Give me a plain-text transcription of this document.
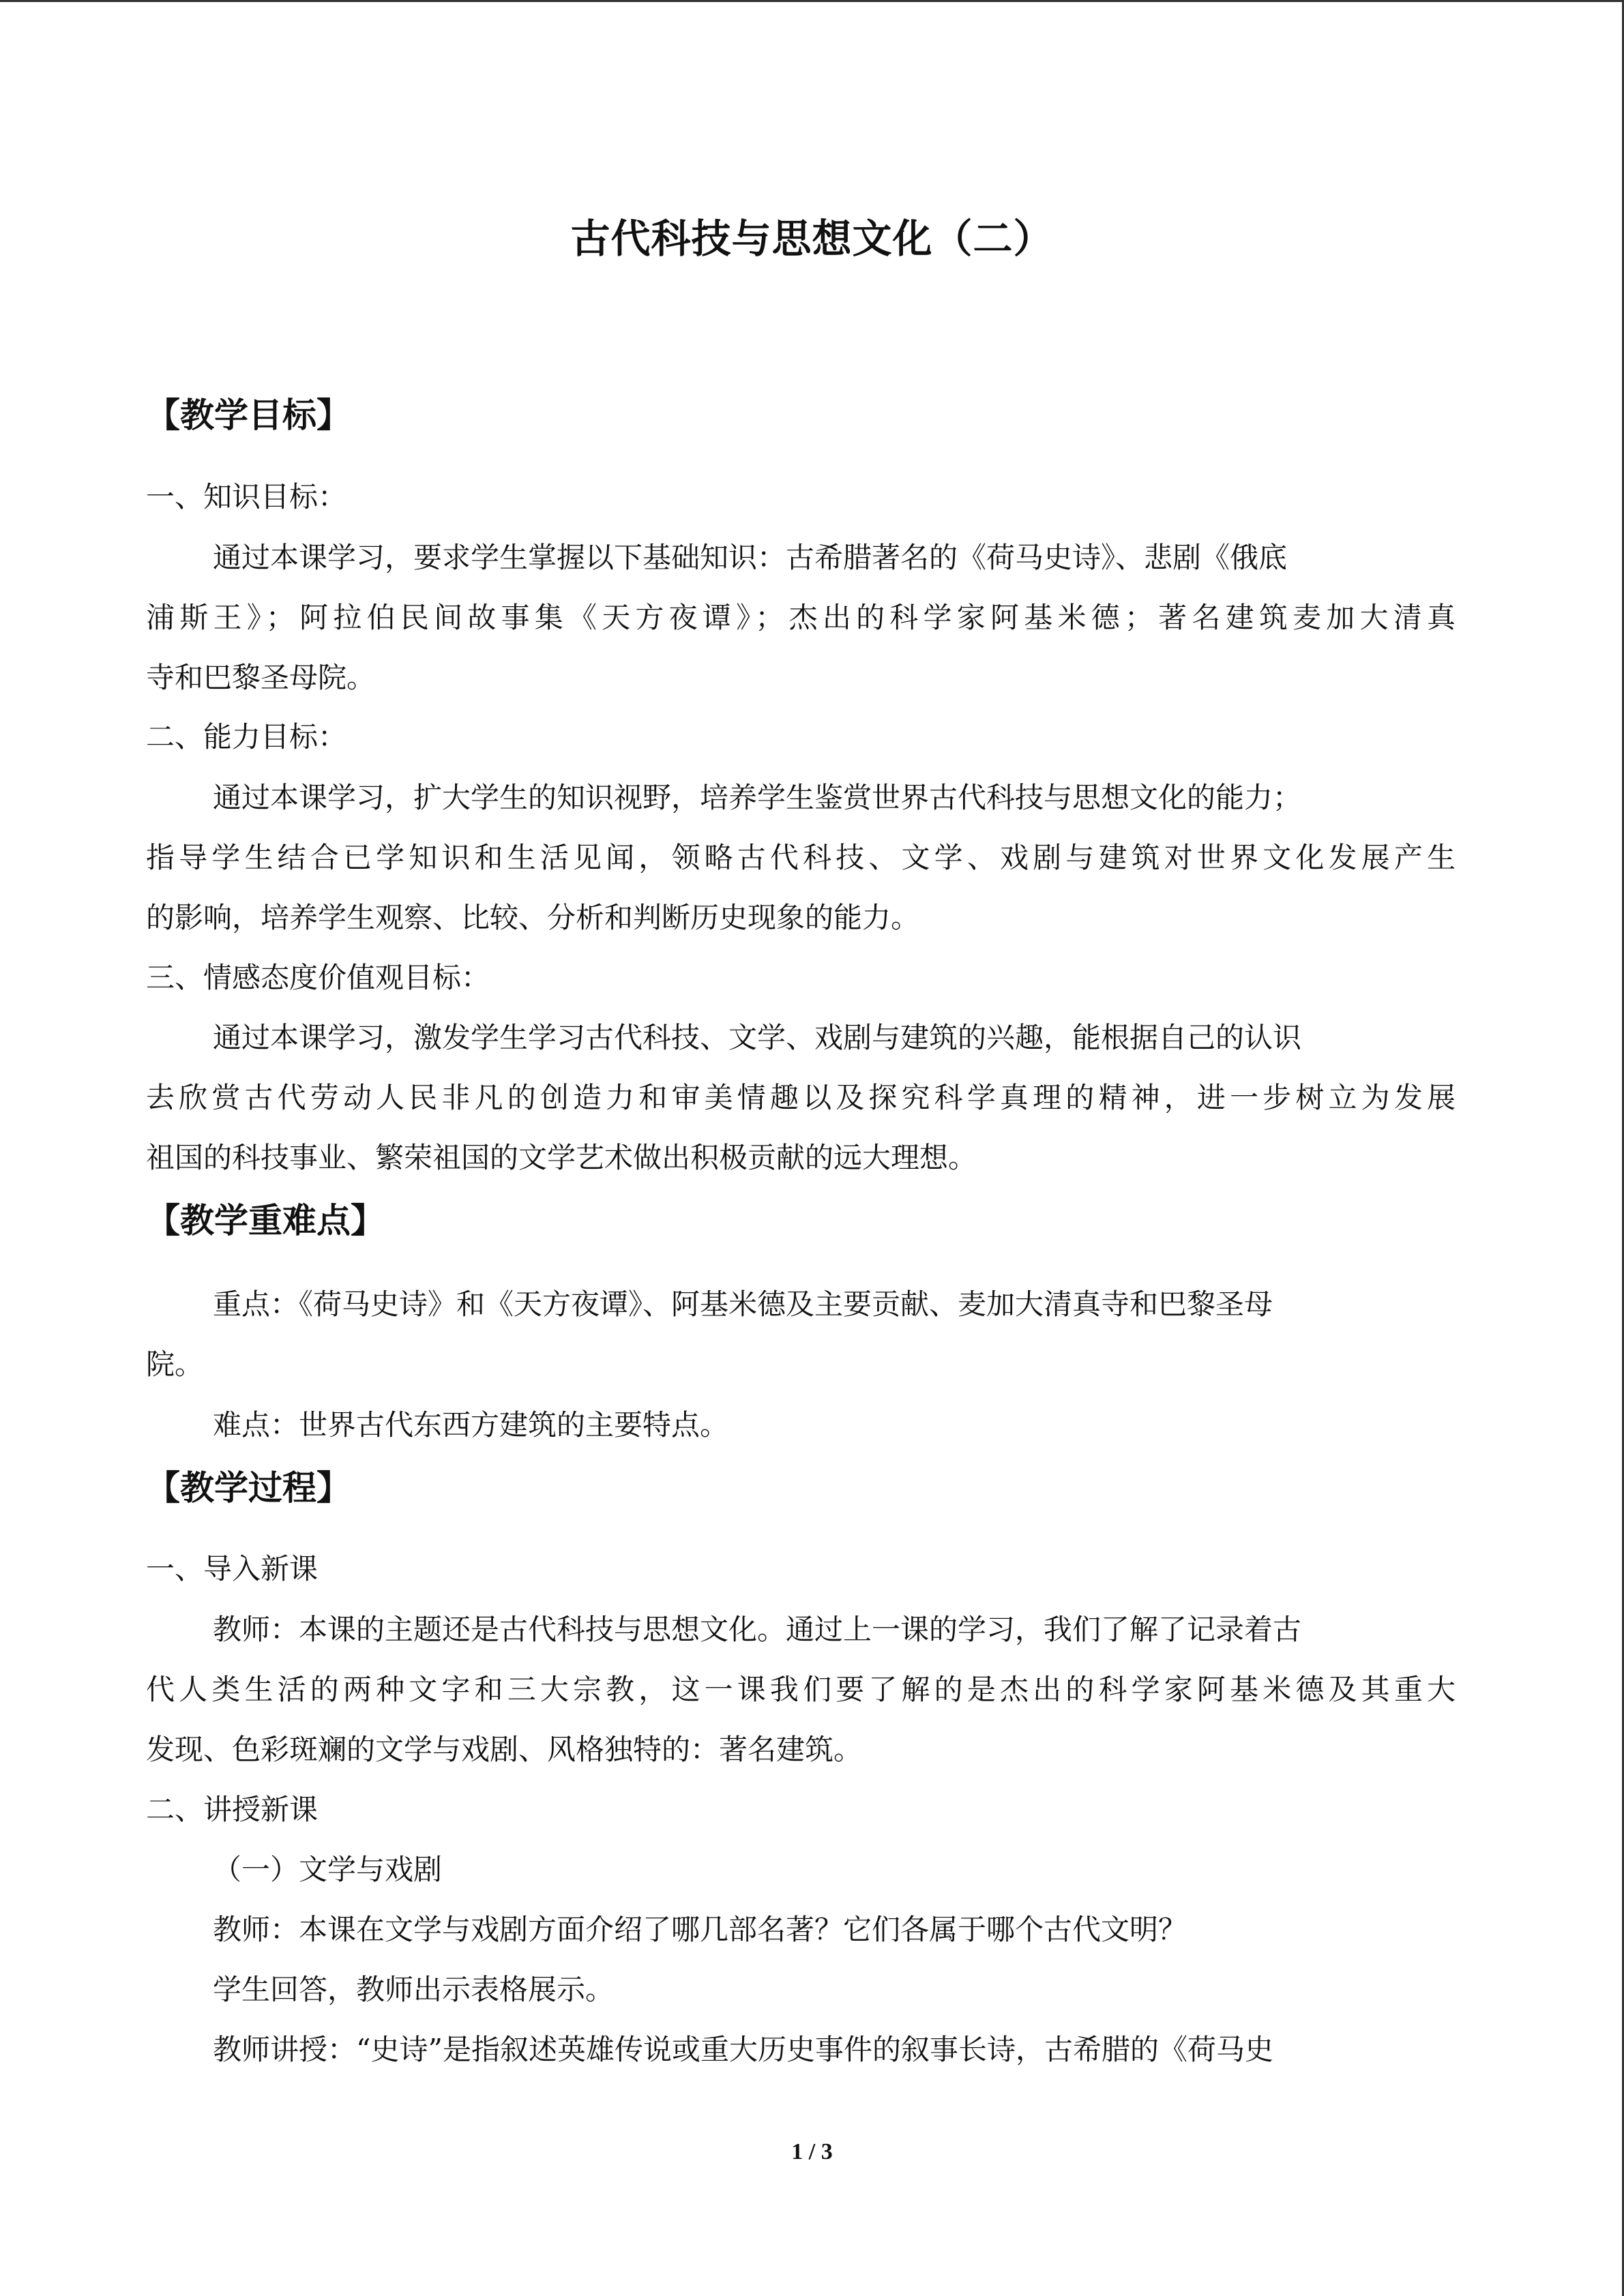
古代科技与思想文化（二）
【教学目标】
一、知识目标：
通过本课学习，要求学生掌握以下基础知识：古希腊著名的《荷马史诗》、悲剧《俄底
浦斯王》；阿拉伯民间故事集《天方夜谭》；杰出的科学家阿基米德；著名建筑麦加大清真
寺和巴黎圣母院。
二、能力目标：
通过本课学习，扩大学生的知识视野，培养学生鉴赏世界古代科技与思想文化的能力；
指导学生结合已学知识和生活见闻，领略古代科技、文学、戏剧与建筑对世界文化发展产生
的影响，培养学生观察、比较、分析和判断历史现象的能力。
三、情感态度价值观目标：
通过本课学习，激发学生学习古代科技、文学、戏剧与建筑的兴趣，能根据自己的认识
去欣赏古代劳动人民非凡的创造力和审美情趣以及探究科学真理的精神，进一步树立为发展
祖国的科技事业、繁荣祖国的文学艺术做出积极贡献的远大理想。
【教学重难点】
重点：《荷马史诗》和《天方夜谭》、阿基米德及主要贡献、麦加大清真寺和巴黎圣母
院。
难点：世界古代东西方建筑的主要特点。
【教学过程】
一、导入新课
教师：本课的主题还是古代科技与思想文化。通过上一课的学习，我们了解了记录着古
代人类生活的两种文字和三大宗教，这一课我们要了解的是杰出的科学家阿基米德及其重大
发现、色彩斑斓的文学与戏剧、风格独特的：著名建筑。
二、讲授新课
（一）文学与戏剧
教师：本课在文学与戏剧方面介绍了哪几部名著？它们各属于哪个古代文明？
学生回答，教师出示表格展示。
教师讲授：“史诗”是指叙述英雄传说或重大历史事件的叙事长诗，古希腊的《荷马史
1 / 3
